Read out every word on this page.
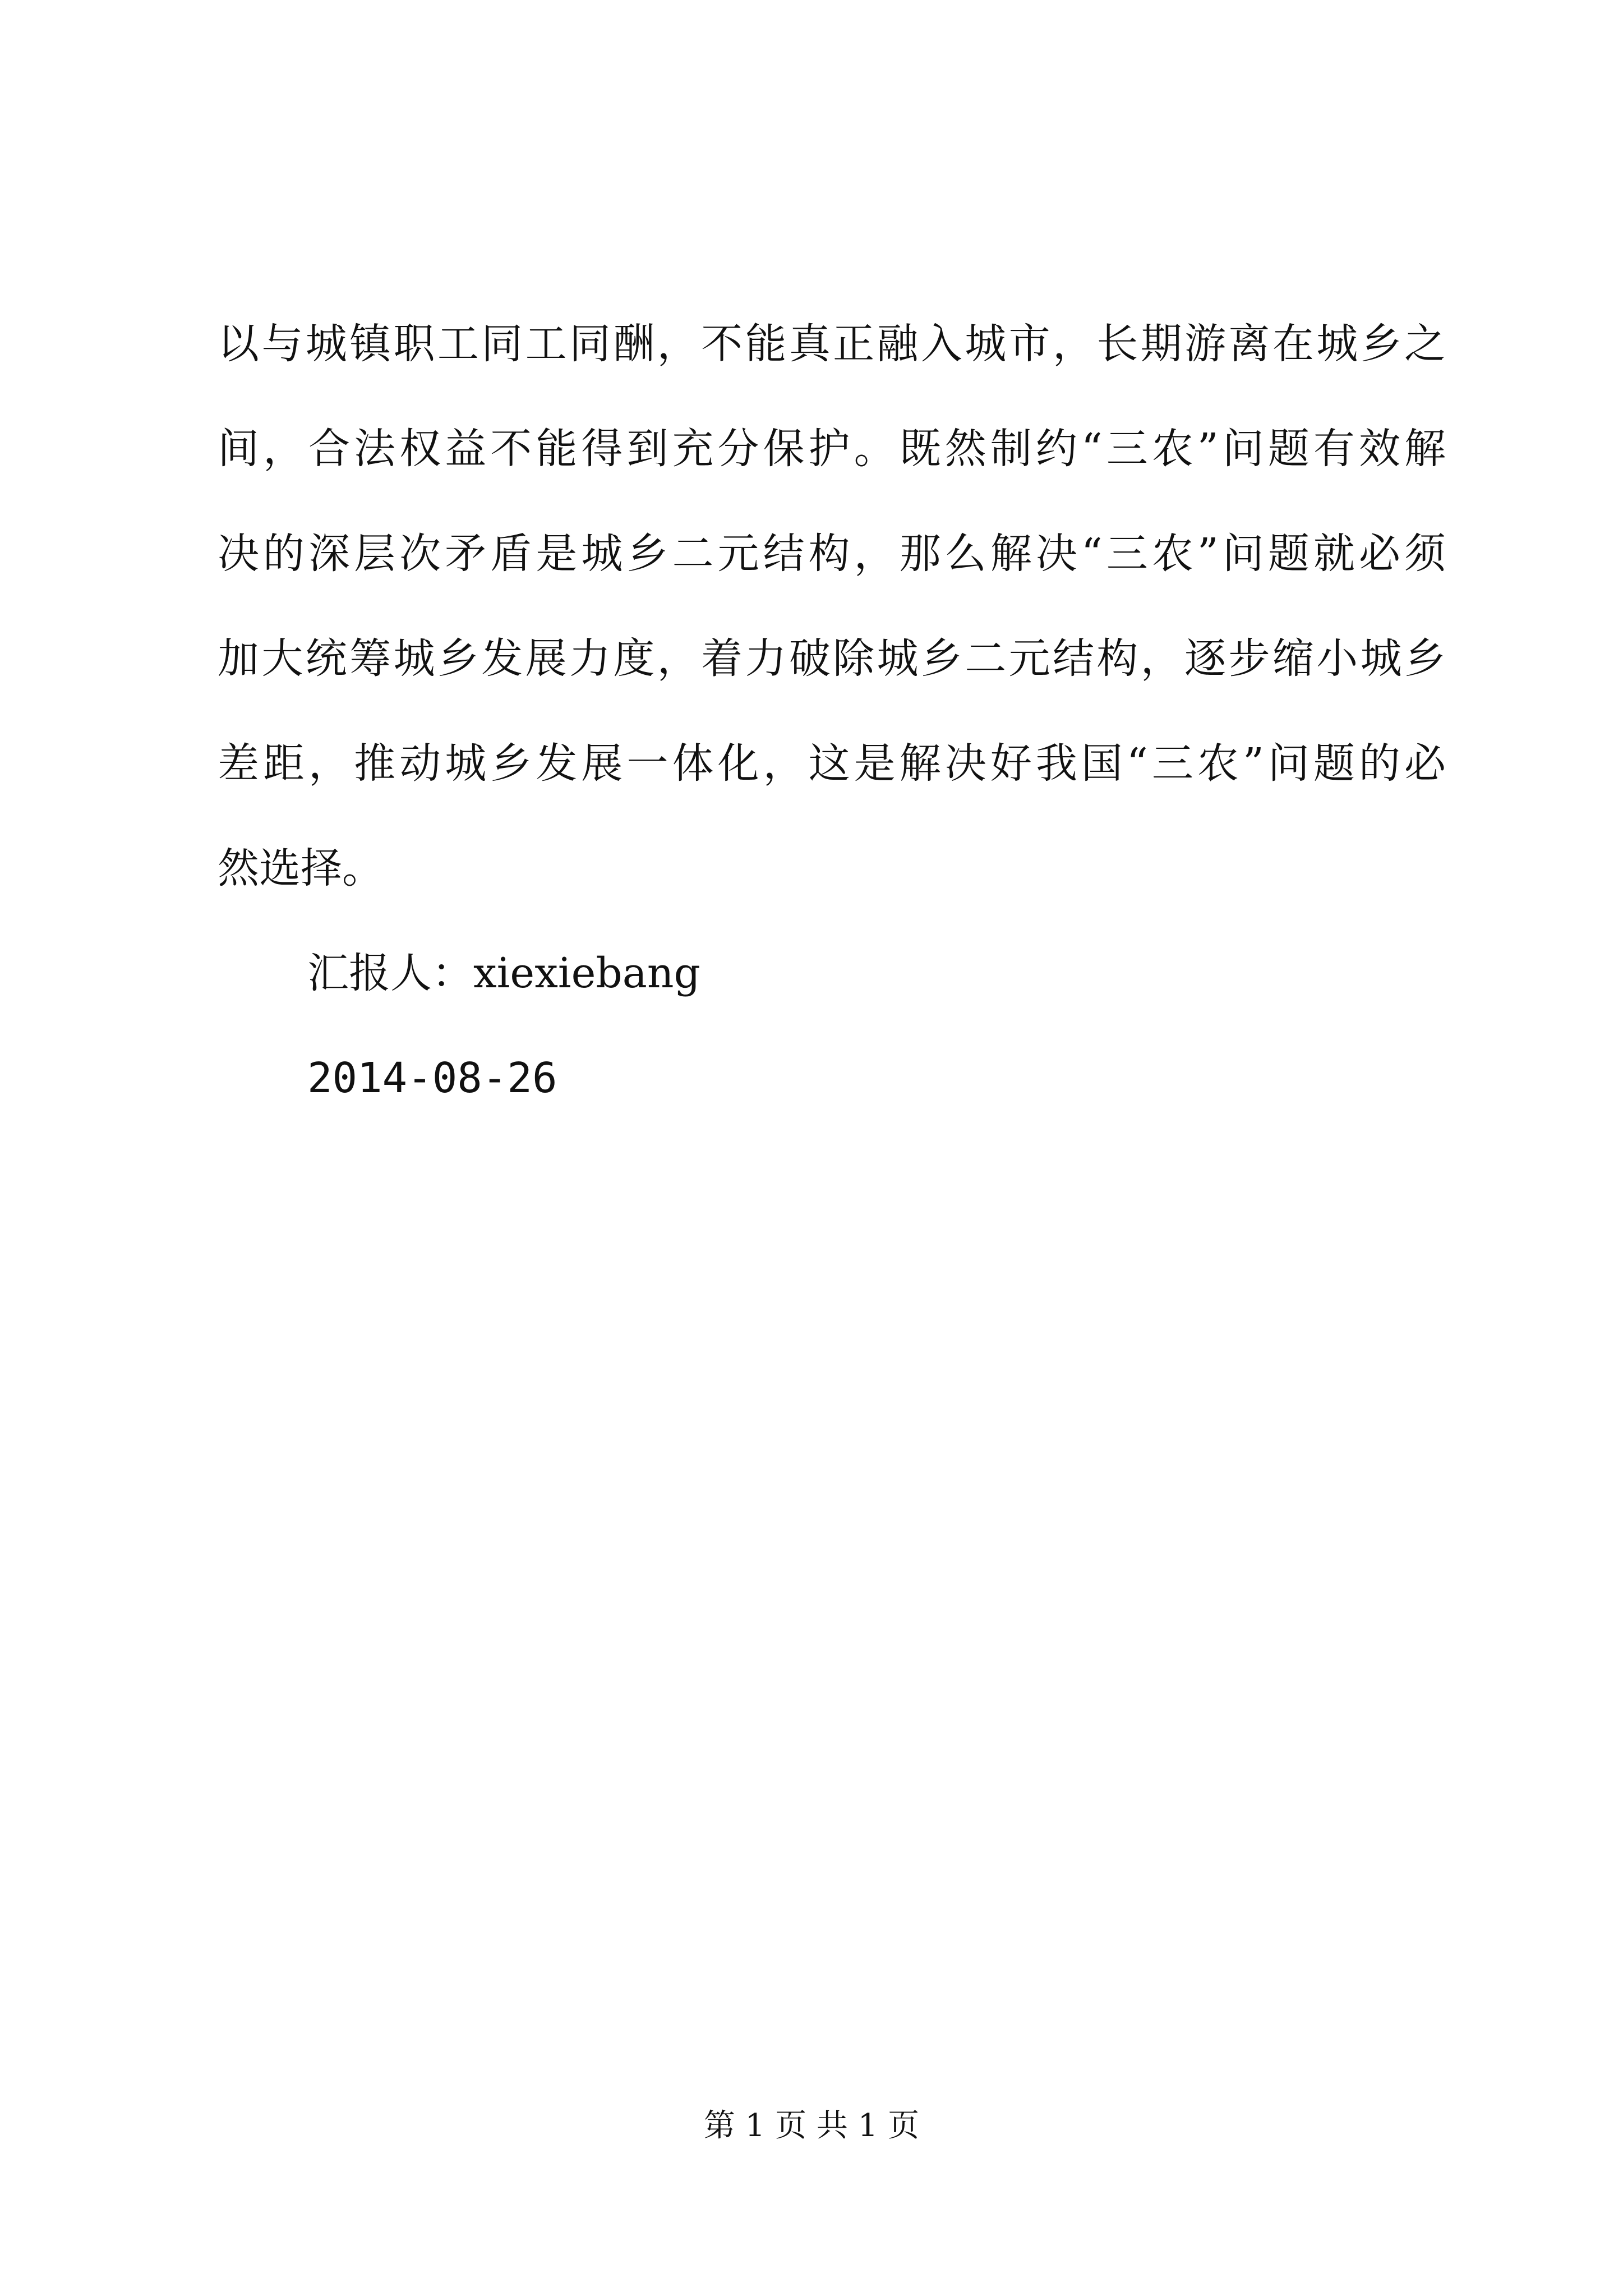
以与城镇职工同工同酬，不能真正融入城市，长期游离在城乡之
间，合法权益不能得到充分保护。既然制约“三农”问题有效解
决的深层次矛盾是城乡二元结构，那么解决“三农”问题就必须
加大统筹城乡发展力度，着力破除城乡二元结构，逐步缩小城乡
差距，推动城乡发展一体化，这是解决好我国“三农”问题的必
然选择。
汇报人：xiexiebang
2014-08-26
第 1 页 共 1 页
